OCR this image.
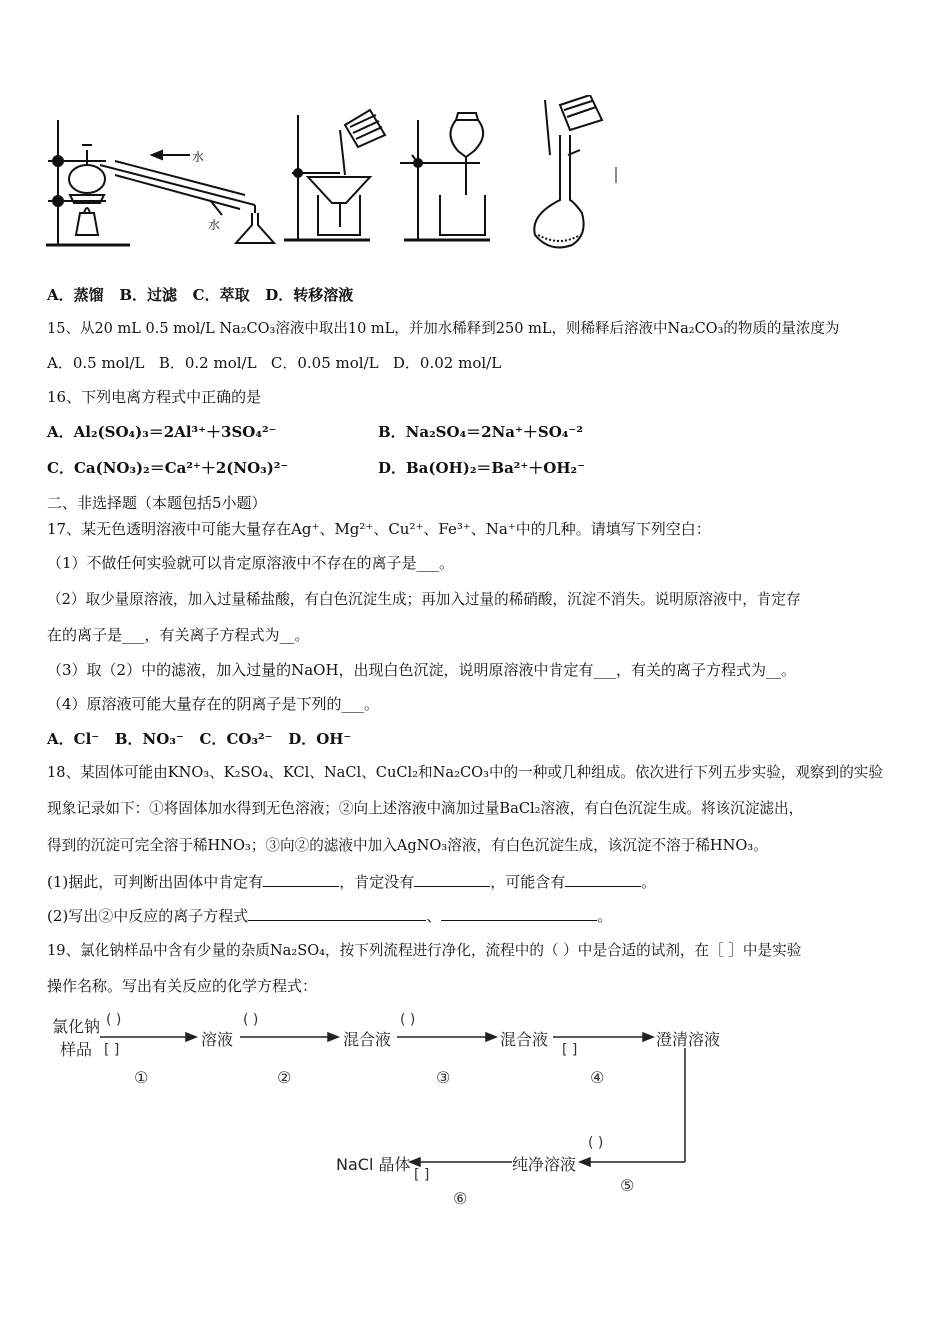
水
水
A．蒸馏 B．过滤 C．萃取 D．转移溶液
15、从20 mL 0.5 mol/L Na₂CO₃溶液中取出10 mL，并加水稀释到250 mL，则稀释后溶液中Na₂CO₃的物质的量浓度为
A．0.5 mol/L B．0.2 mol/L C．0.05 mol/L D．0.02 mol/L
16、下列电离方程式中正确的是
A．Al₂(SO₄)₃＝2Al³⁺＋3SO₄²⁻	B．Na₂SO₄＝2Na⁺＋SO₄⁻²
C．Ca(NO₃)₂＝Ca²⁺＋2(NO₃)²⁻	D．Ba(OH)₂＝Ba²⁺＋OH₂⁻
二、非选择题（本题包括5小题）
17、某无色透明溶液中可能大量存在Ag⁺、Mg²⁺、Cu²⁺、Fe³⁺、Na⁺中的几种。请填写下列空白：
（1）不做任何实验就可以肯定原溶液中不存在的离子是___。
（2）取少量原溶液，加入过量稀盐酸，有白色沉淀生成；再加入过量的稀硝酸，沉淀不消失。说明原溶液中，肯定存
在的离子是___，有关离子方程式为__。
（3）取（2）中的滤液，加入过量的NaOH，出现白色沉淀，说明原溶液中肯定有___，有关的离子方程式为__。
（4）原溶液可能大量存在的阴离子是下列的___。
A．Cl⁻ B．NO₃⁻ C．CO₃²⁻ D．OH⁻
18、某固体可能由KNO₃、K₂SO₄、KCl、NaCl、CuCl₂和Na₂CO₃中的一种或几种组成。依次进行下列五步实验，观察到的实验
现象记录如下：①将固体加水得到无色溶液；②向上述溶液中滴加过量BaCl₂溶液，有白色沉淀生成。将该沉淀滤出，
得到的沉淀可完全溶于稀HNO₃；③向②的滤液中加入AgNO₃溶液，有白色沉淀生成，该沉淀不溶于稀HNO₃。
(1)据此，可判断出固体中肯定有	，肯定没有	，可能含有	。
(2)写出②中反应的离子方程式	、	。
19、氯化钠样品中含有少量的杂质Na₂SO₄，按下列流程进行净化，流程中的（ ）中是合适的试剂，在［ ］中是实验
操作名称。写出有关反应的化学方程式：
氯化钠
样品
溶液	混合液	混合液	澄清溶液
纯净溶液
NaCl 晶体
( )	( )	( )
( )
[ ]	[ ]
[ ]
①	②	③	④
⑤
⑥
